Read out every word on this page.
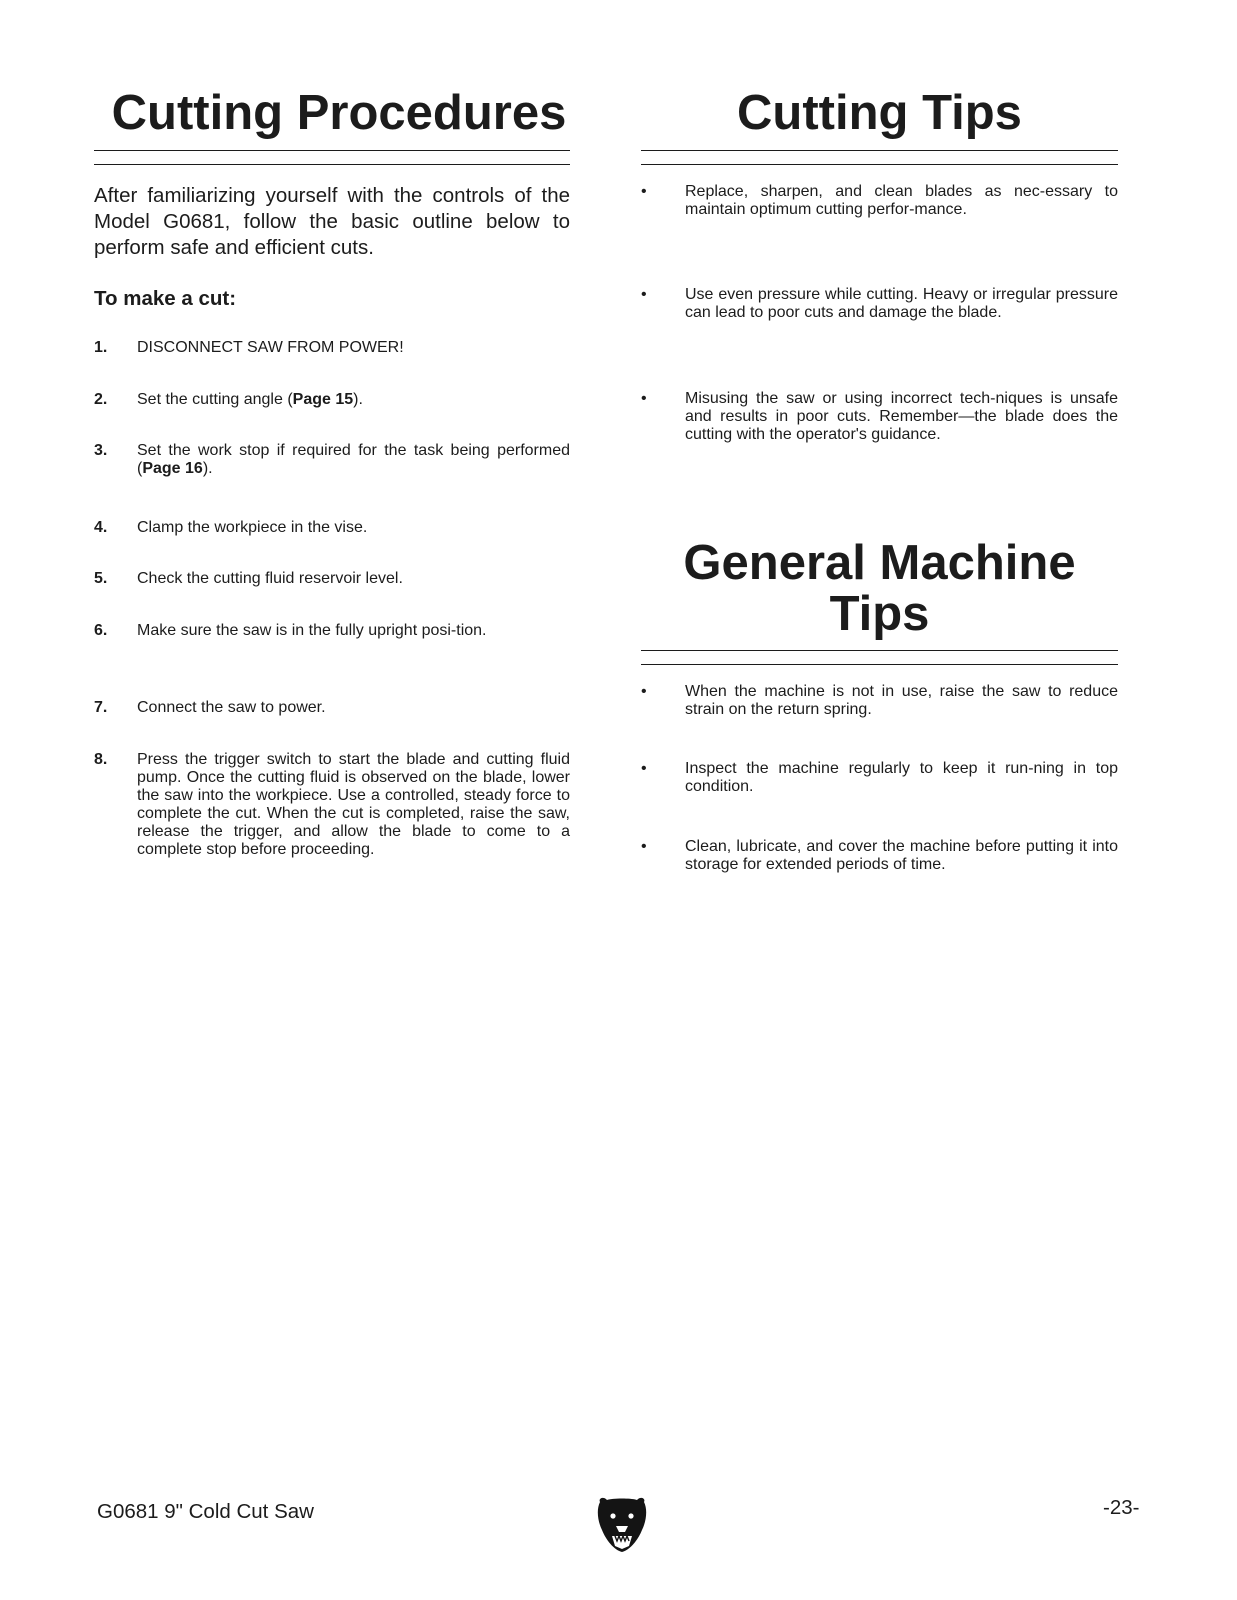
Cutting Procedures

After familiarizing yourself with the controls of the Model G0681, follow the basic outline below to perform safe and efficient cuts.

To make a cut:

1. DISCONNECT SAW FROM POWER!
2. Set the cutting angle (Page 15).
3. Set the work stop if required for the task being performed (Page 16).
4. Clamp the workpiece in the vise.
5. Check the cutting fluid reservoir level.
6. Make sure the saw is in the fully upright posi-tion.
7. Connect the saw to power.
8. Press the trigger switch to start the blade and cutting fluid pump. Once the cutting fluid is observed on the blade, lower the saw into the workpiece. Use a controlled, steady force to complete the cut. When the cut is completed, raise the saw, release the trigger, and allow the blade to come to a complete stop before proceeding.
Cutting Tips
• Replace, sharpen, and clean blades as nec-essary to maintain optimum cutting perfor-mance.
• Use even pressure while cutting. Heavy or irregular pressure can lead to poor cuts and damage the blade.
• Misusing the saw or using incorrect tech-niques is unsafe and results in poor cuts. Remember—the blade does the cutting with the operator's guidance.
General Machine
Tips
• When the machine is not in use, raise the saw to reduce strain on the return spring.
• Inspect the machine regularly to keep it run-ning in top condition.
• Clean, lubricate, and cover the machine before putting it into storage for extended periods of time.
G0681 9" Cold Cut Saw	-23-
